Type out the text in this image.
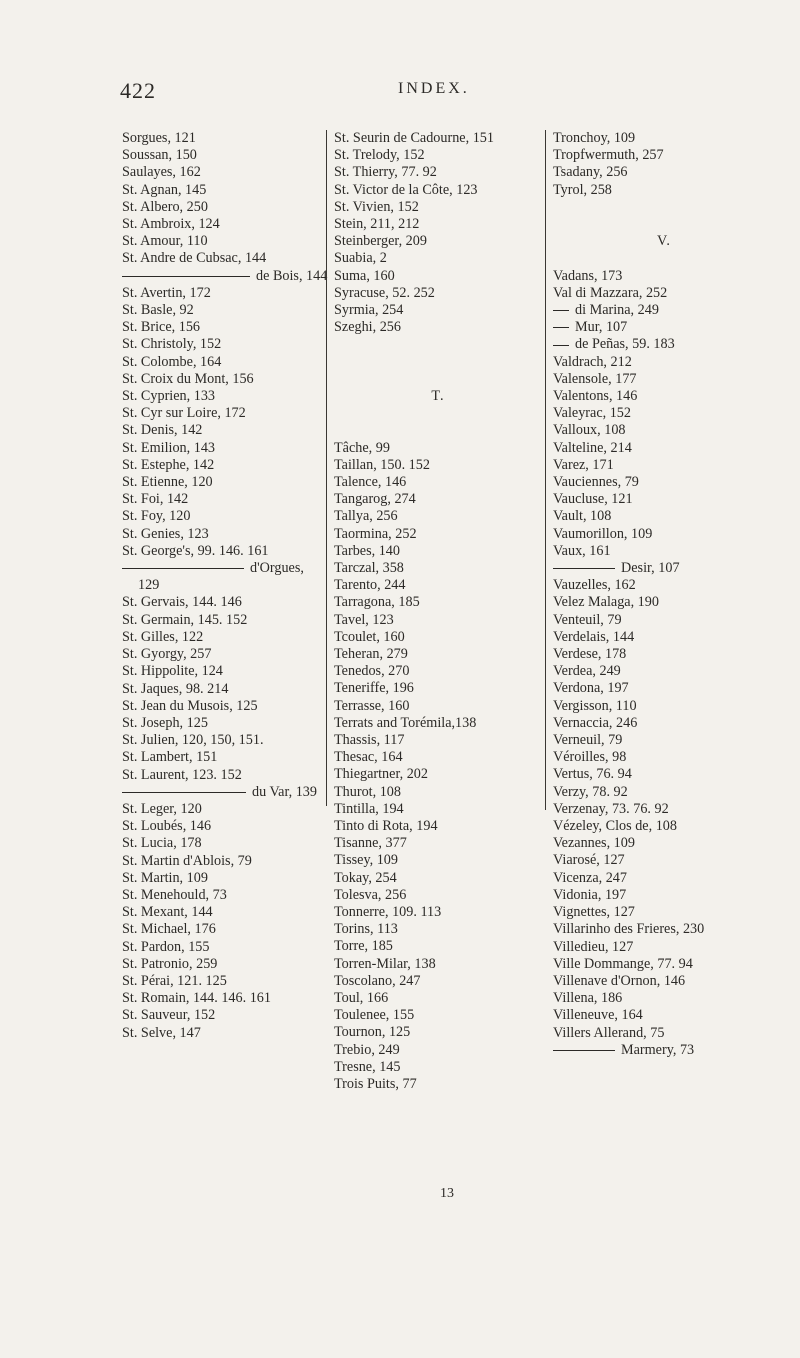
422	INDEX.
Sorgues, 121
Soussan, 150
Saulayes, 162
St. Agnan, 145
St. Albero, 250
St. Ambroix, 124
St. Amour, 110
St. Andre de Cubsac, 144
de Bois, 144
St. Avertin, 172
St. Basle, 92
St. Brice, 156
St. Christoly, 152
St. Colombe, 164
St. Croix du Mont, 156
St. Cyprien, 133
St. Cyr sur Loire, 172
St. Denis, 142
St. Emilion, 143
St. Estephe, 142
St. Etienne, 120
St. Foi, 142
St. Foy, 120
St. Genies, 123
St. George's, 99. 146. 161
d'Orgues, 129
St. Gervais, 144. 146
St. Germain, 145. 152
St. Gilles, 122
St. Gyorgy, 257
St. Hippolite, 124
St. Jaques, 98. 214
St. Jean du Musois, 125
St. Joseph, 125
St. Julien, 120, 150, 151.
St. Lambert, 151
St. Laurent, 123. 152
du Var, 139
St. Leger, 120
St. Loubés, 146
St. Lucia, 178
St. Martin d'Ablois, 79
St. Martin, 109
St. Menehould, 73
St. Mexant, 144
St. Michael, 176
St. Pardon, 155
St. Patronio, 259
St. Pérai, 121. 125
St. Romain, 144. 146. 161
St. Sauveur, 152
St. Selve, 147
St. Seurin de Cadourne, 151
St. Trelody, 152
St. Thierry, 77. 92
St. Victor de la Côte, 123
St. Vivien, 152
Stein, 211, 212
Steinberger, 209
Suabia, 2
Suma, 160
Syracuse, 52. 252
Syrmia, 254
Szeghi, 256
T.
Tâche, 99
Taillan, 150. 152
Talence, 146
Tangarog, 274
Tallya, 256
Taormina, 252
Tarbes, 140
Tarczal, 358
Tarento, 244
Tarragona, 185
Tavel, 123
Tcoulet, 160
Teheran, 279
Tenedos, 270
Teneriffe, 196
Terrasse, 160
Terrats and Torémila,138
Thassis, 117
Thesac, 164
Thiegartner, 202
Thurot, 108
Tintilla, 194
Tinto di Rota, 194
Tisanne, 377
Tissey, 109
Tokay, 254
Tolesva, 256
Tonnerre, 109. 113
Torins, 113
Torre, 185
Torren-Milar, 138
Toscolano, 247
Toul, 166
Toulenee, 155
Tournon, 125
Trebio, 249
Tresne, 145
Trois Puits, 77
Tronchoy, 109
Tropfwermuth, 257
Tsadany, 256
Tyrol, 258
V.
Vadans, 173
Val di Mazzara, 252
di Marina, 249
Mur, 107
de Peñas, 59. 183
Valdrach, 212
Valensole, 177
Valentons, 146
Valeyrac, 152
Valloux, 108
Valteline, 214
Varez, 171
Vauciennes, 79
Vaucluse, 121
Vault, 108
Vaumorillon, 109
Vaux, 161
Desir, 107
Vauzelles, 162
Velez Malaga, 190
Venteuil, 79
Verdelais, 144
Verdese, 178
Verdea, 249
Verdona, 197
Vergisson, 110
Vernaccia, 246
Verneuil, 79
Véroilles, 98
Vertus, 76. 94
Verzy, 78. 92
Verzenay, 73. 76. 92
Vézeley, Clos de, 108
Vezannes, 109
Viarosé, 127
Vicenza, 247
Vidonia, 197
Vignettes, 127
Villarinho des Frieres, 230
Villedieu, 127
Ville Dommange, 77. 94
Villenave d'Ornon, 146
Villena, 186
Villeneuve, 164
Villers Allerand, 75
Marmery, 73
13
